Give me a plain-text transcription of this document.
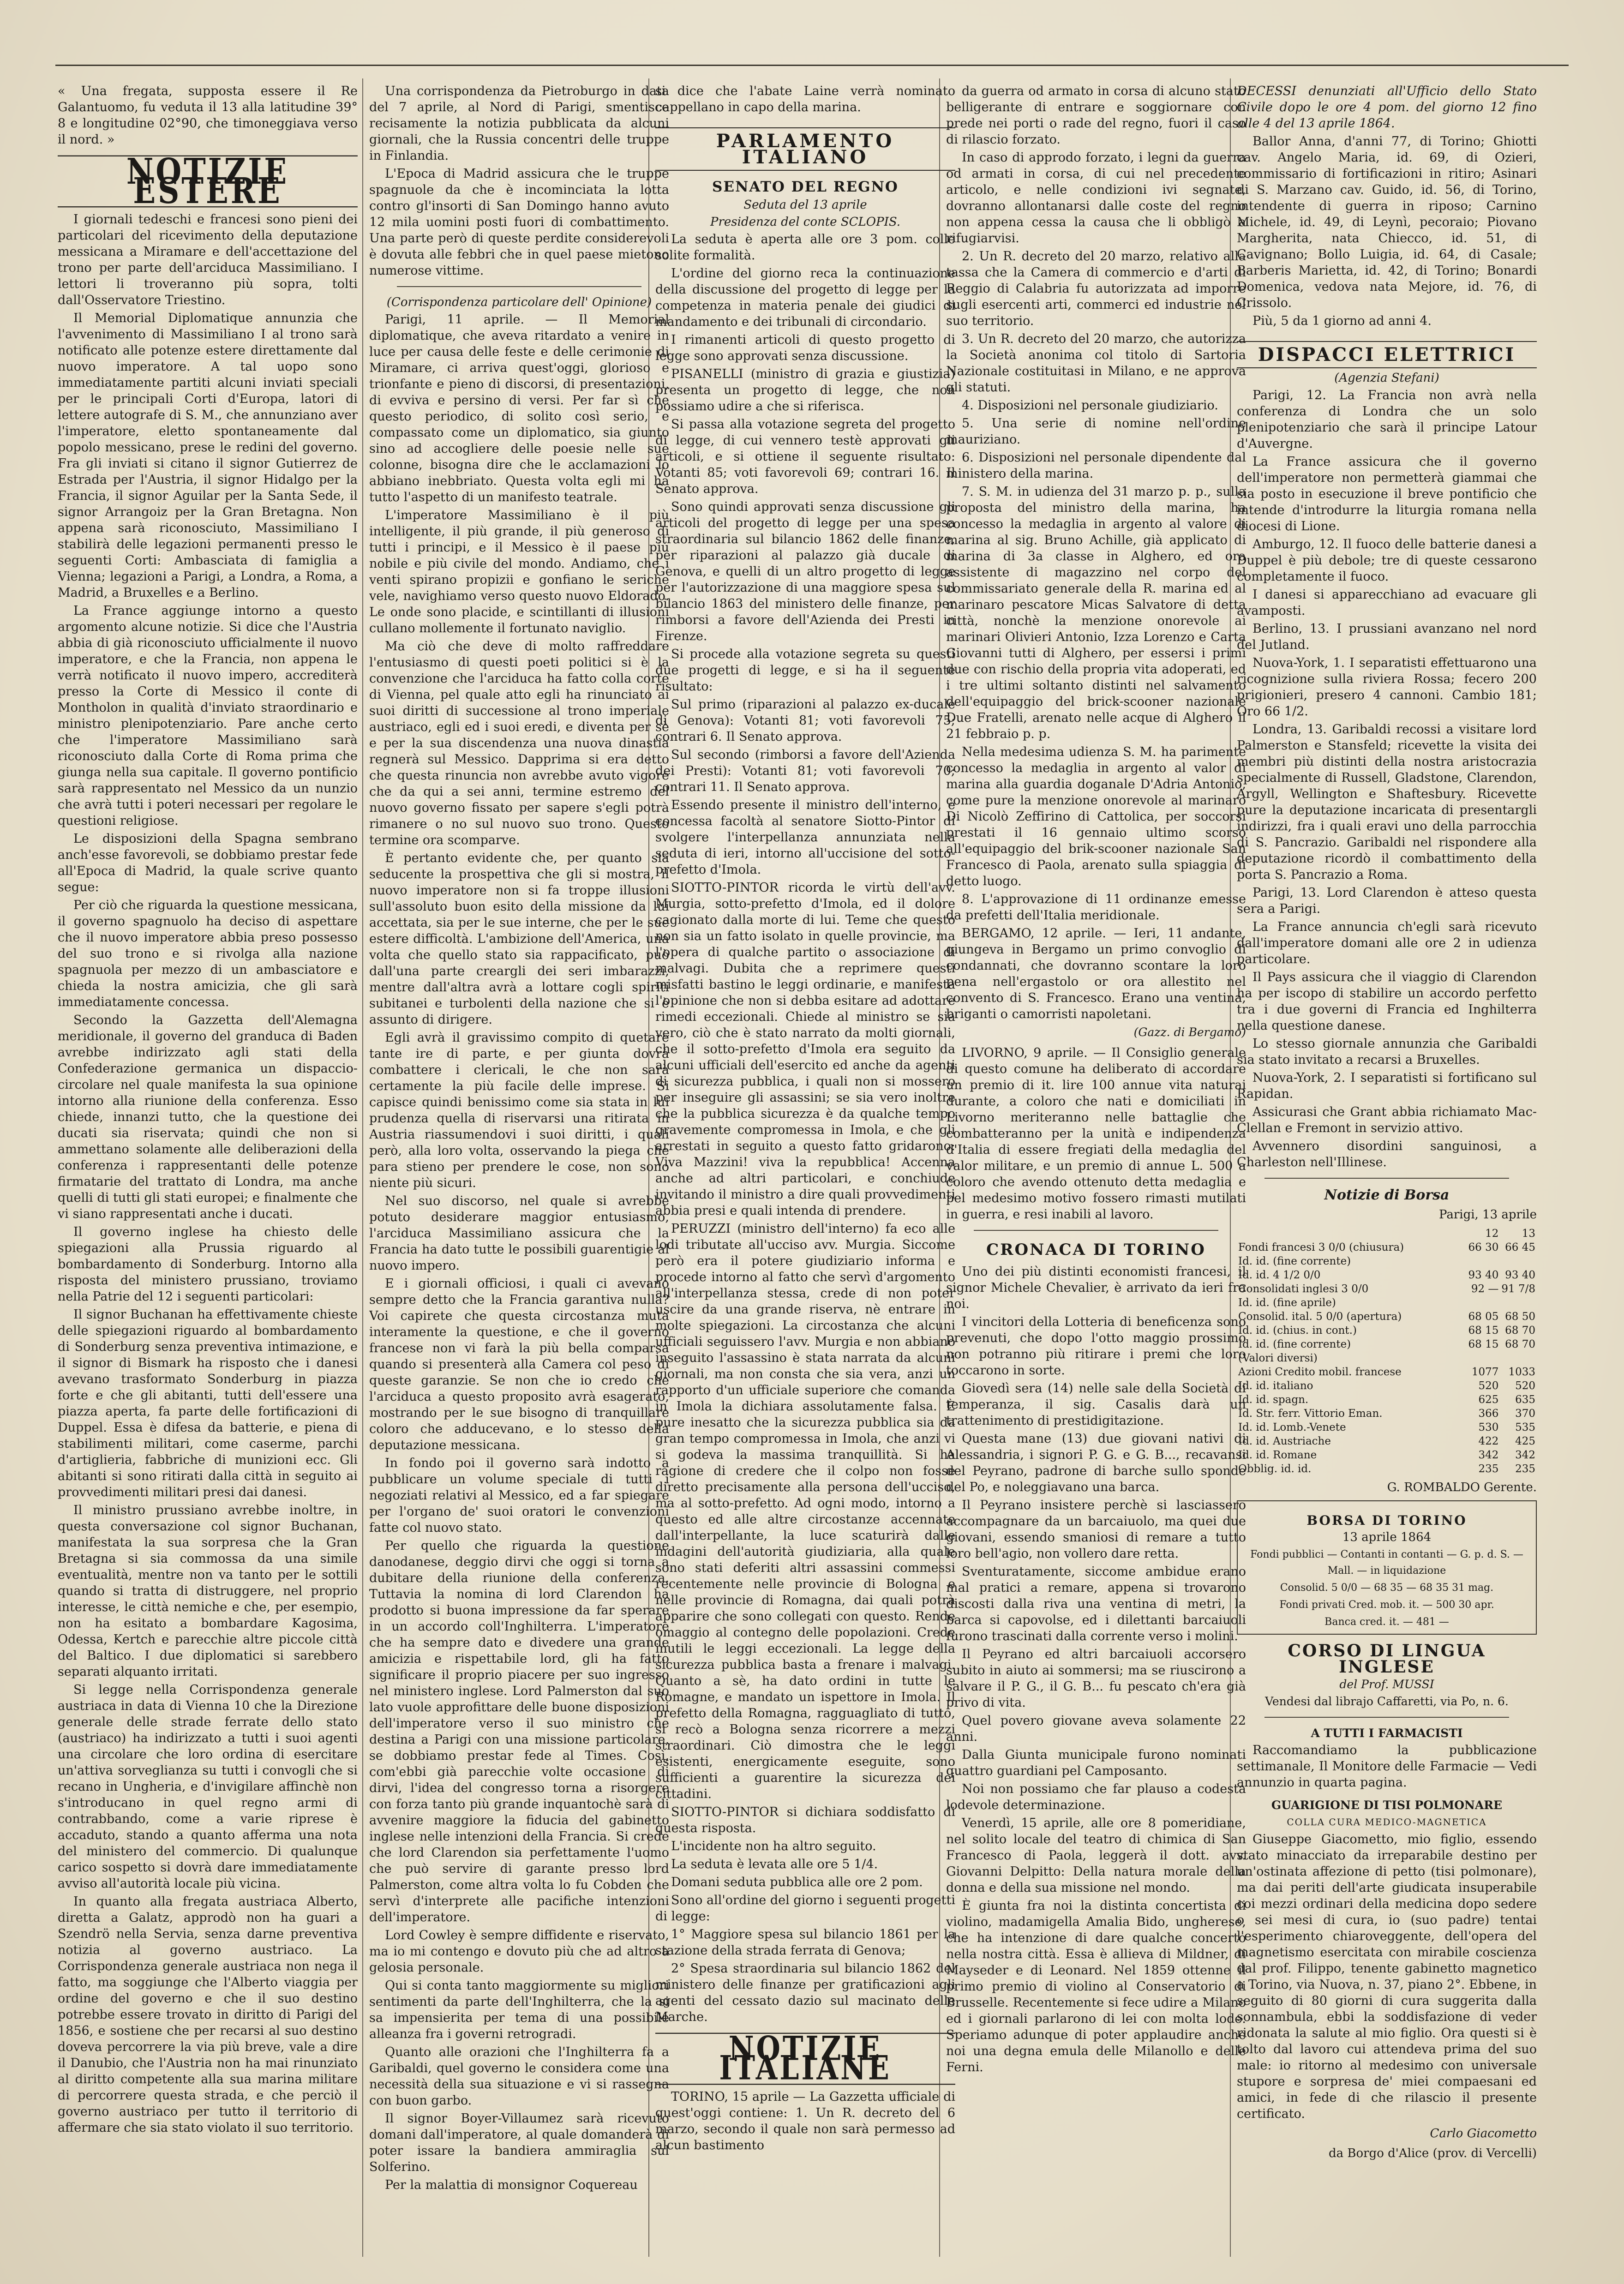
« Una fregata, supposta essere il Re Galantuomo, fu veduta il 13 alla latitudine 39° 8 e longitudine 02°90, che timoneggiava verso il nord. »

NOTIZIE ESTERE

I giornali tedeschi e francesi sono pieni dei particolari del ricevimento della deputazione messicana a Miramare e dell'accettazione del trono per parte dell'arciduca Massimiliano. I lettori li troveranno più sopra, tolti dall'Osservatore Triestino.

Il Memorial Diplomatique annunzia che l'avvenimento di Massimiliano I al trono sarà notificato alle potenze estere direttamente dal nuovo imperatore. A tal uopo sono immediatamente partiti alcuni inviati speciali per le principali Corti d'Europa, latori di lettere autografe di S. M., che annunziano aver l'imperatore, eletto spontaneamente dal popolo messicano, prese le redini del governo. Fra gli inviati si citano il signor Gutierrez de Estrada per l'Austria, il signor Hidalgo per la Francia, il signor Aguilar per la Santa Sede, il signor Arrangoiz per la Gran Bretagna. Non appena sarà riconosciuto, Massimiliano I stabilirà delle legazioni permanenti presso le seguenti Corti: Ambasciata di famiglia a Vienna; legazioni a Parigi, a Londra, a Roma, a Madrid, a Bruxelles e a Berlino.

La France aggiunge intorno a questo argomento alcune notizie. Si dice che l'Austria abbia di già riconosciuto ufficialmente il nuovo imperatore, e che la Francia, non appena le verrà notificato il nuovo impero, accrediterà presso la Corte di Messico il conte di Montholon in qualità d'inviato straordinario e ministro plenipotenziario. Pare anche certo che l'imperatore Massimiliano sarà riconosciuto dalla Corte di Roma prima che giunga nella sua capitale. Il governo pontificio sarà rappresentato nel Messico da un nunzio che avrà tutti i poteri necessari per regolare le questioni religiose.

Le disposizioni della Spagna sembrano anch'esse favorevoli, se dobbiamo prestar fede all'Epoca di Madrid, la quale scrive quanto segue:

Per ciò che riguarda la questione messicana, il governo spagnuolo ha deciso di aspettare che il nuovo imperatore abbia preso possesso del suo trono e si rivolga alla nazione spagnuola per mezzo di un ambasciatore e chieda la nostra amicizia, che gli sarà immediatamente concessa.

Secondo la Gazzetta dell'Alemagna meridionale, il governo del granduca di Baden avrebbe indirizzato agli stati della Confederazione germanica un dispaccio-circolare nel quale manifesta la sua opinione intorno alla riunione della conferenza. Esso chiede, innanzi tutto, che la questione dei ducati sia riservata; quindi che non si ammettano solamente alle deliberazioni della conferenza i rappresentanti delle potenze firmatarie del trattato di Londra, ma anche quelli di tutti gli stati europei; e finalmente che vi siano rappresentati anche i ducati.

Il governo inglese ha chiesto delle spiegazioni alla Prussia riguardo al bombardamento di Sonderburg. Intorno alla risposta del ministero prussiano, troviamo nella Patrie del 12 i seguenti particolari:

Il signor Buchanan ha effettivamente chieste delle spiegazioni riguardo al bombardamento di Sonderburg senza preventiva intimazione, e il signor di Bismark ha risposto che i danesi avevano trasformato Sonderburg in piazza forte e che gli abitanti, tutti dell'essere una piazza aperta, fa parte delle fortificazioni di Duppel. Essa è difesa da batterie, e piena di stabilimenti militari, come caserme, parchi d'artiglieria, fabbriche di munizioni ecc. Gli abitanti si sono ritirati dalla città in seguito ai provvedimenti militari presi dai danesi.

Il ministro prussiano avrebbe inoltre, in questa conversazione col signor Buchanan, manifestata la sua sorpresa che la Gran Bretagna si sia commossa da una simile eventualità, mentre non va tanto per le sottili quando si tratta di distruggere, nel proprio interesse, le città nemiche e che, per esempio, non ha esitato a bombardare Kagosima, Odessa, Kertch e parecchie altre piccole città del Baltico. I due diplomatici si sarebbero separati alquanto irritati.

Si legge nella Corrispondenza generale austriaca in data di Vienna 10 che la Direzione generale delle strade ferrate dello stato (austriaco) ha indirizzato a tutti i suoi agenti una circolare che loro ordina di esercitare un'attiva sorveglianza su tutti i convogli che si recano in Ungheria, e d'invigilare affinchè non s'introducano in quel regno armi di contrabbando, come a varie riprese è accaduto, stando a quanto afferma una nota del ministero del commercio. Di qualunque carico sospetto si dovrà dare immediatamente avviso all'autorità locale più vicina.

In quanto alla fregata austriaca Alberto, diretta a Galatz, approdò non ha guari a Szendrö nella Servia, senza darne preventiva notizia al governo austriaco. La Corrispondenza generale austriaca non nega il fatto, ma soggiunge che l'Alberto viaggia per ordine del governo e che il suo destino potrebbe essere trovato in diritto di Parigi del 1856, e sostiene che per recarsi al suo destino doveva percorrere la via più breve, vale a dire il Danubio, che l'Austria non ha mai rinunziato al diritto competente alla sua marina militare di percorrere questa strada, e che perciò il governo austriaco per tutto il territorio di affermare che sia stato violato il suo territorio.

Una corrispondenza da Pietroburgo in data del 7 aprile, al Nord di Parigi, smentisce recisamente la notizia pubblicata da alcuni giornali, che la Russia concentri delle truppe in Finlandia.

L'Epoca di Madrid assicura che le truppe spagnuole da che è incominciata la lotta contro gl'insorti di San Domingo hanno avuto 12 mila uomini posti fuori di combattimento. Una parte però di queste perdite considerevoli è dovuta alle febbri che in quel paese mietono numerose vittime.

(Corrispondenza particolare dell' Opinione)

Parigi, 11 aprile. — Il Memorial diplomatique, che aveva ritardato a venire in luce per causa delle feste e delle cerimonie di Miramare, ci arriva quest'oggi, glorioso e trionfante e pieno di discorsi, di presentazioni, di evviva e persino di versi. Per far sì che questo periodico, di solito così serio, e compassato come un diplomatico, sia giunto sino ad accogliere delle poesie nelle sue colonne, bisogna dire che le acclamazioni lo abbiano inebbriato. Questa volta egli mi ha tutto l'aspetto di un manifesto teatrale.

L'imperatore Massimiliano è il più intelligente, il più grande, il più generoso di tutti i principi, e il Messico è il paese più nobile e più civile del mondo. Andiamo, che i venti spirano propizii e gonfiano le seriche vele, navighiamo verso questo nuovo Eldorado. Le onde sono placide, e scintillanti di illusioni cullano mollemente il fortunato naviglio.

Ma ciò che deve di molto raffreddare l'entusiasmo di questi poeti politici si è la convenzione che l'arciduca ha fatto colla corte di Vienna, pel quale atto egli ha rinunciato ai suoi diritti di successione al trono imperiale austriaco, egli ed i suoi eredi, e diventa per sè e per la sua discendenza una nuova dinastia regnerà sul Messico. Dapprima si era detto che questa rinuncia non avrebbe avuto vigore che da qui a sei anni, termine estremo del nuovo governo fissato per sapere s'egli potrà rimanere o no sul nuovo suo trono. Questo termine ora scomparve.

È pertanto evidente che, per quanto sia seducente la prospettiva che gli si mostra, il nuovo imperatore non si fa troppe illusioni sull'assoluto buon esito della missione da lui accettata, sia per le sue interne, che per le sue estere difficoltà. L'ambizione dell'America, una volta che quello stato sia rappacificato, può dall'una parte creargli dei seri imbarazzi, mentre dall'altra avrà a lottare cogli spiriti subitanei e turbolenti della nazione che si è assunto di dirigere.

Egli avrà il gravissimo compito di quetare tante ire di parte, e per giunta dovrà combattere i clericali, le che non sarà certamente la più facile delle imprese. Si capisce quindi benissimo come sia stata in lui prudenza quella di riservarsi una ritirata in Austria riassumendovi i suoi diritti, i quali però, alla loro volta, osservando la piega che para stieno per prendere le cose, non sono niente più sicuri.

Nel suo discorso, nel quale si avrebbe potuto desiderare maggior entusiasmo, l'arciduca Massimiliano assicura che la Francia ha dato tutte le possibili guarentigie al nuovo impero.

E i giornali officiosi, i quali ci avevano sempre detto che la Francia garantiva nulla? Voi capirete che questa circostanza muta interamente la questione, e che il governo francese non vi farà la più bella comparsa quando si presenterà alla Camera col peso di queste garanzie. Se non che io credo che l'arciduca a questo proposito avrà esagerato, mostrando per le sue bisogno di tranquillare coloro che adducevano, e lo stesso della deputazione messicana.

In fondo poi il governo sarà indotto a pubblicare un volume speciale di tutti i negoziati relativi al Messico, ed a far spiegare per l'organo de' suoi oratori le convenzioni fatte col nuovo stato.

Per quello che riguarda la questione danodanese, deggio dirvi che oggi si torna a dubitare della riunione della conferenza. Tuttavia la nomina di lord Clarendon ha prodotto si buona impressione da far sperare in un accordo coll'Inghilterra. L'imperatore che ha sempre dato e divedere una grande amicizia e rispettabile lord, gli ha fatto significare il proprio piacere per suo ingresso nel ministero inglese. Lord Palmerston dal suo lato vuole approfittare delle buone disposizioni dell'imperatore verso il suo ministro che destina a Parigi con una missione particolare, se dobbiamo prestar fede al Times. Così, com'ebbi già parecchie volte occasione di dirvi, l'idea del congresso torna a risorgere con forza tanto più grande inquantochè sarà di avvenire maggiore la fiducia del gabinetto inglese nelle intenzioni della Francia. Si crede che lord Clarendon sia perfettamente l'uomo che può servire di garante presso lord Palmerston, come altra volta lo fu Cobden che servì d'interprete alle pacifiche intenzioni dell'imperatore.

Lord Cowley è sempre diffidente e riservato, ma io mi contengo e dovuto più che ad altro a gelosia personale.

Qui si conta tanto maggiormente su migliori sentimenti da parte dell'Inghilterra, che la si sa impensierita per tema di una possibile alleanza fra i governi retrogradi.

Quanto alle orazioni che l'Inghilterra fa a Garibaldi, quel governo le considera come una necessità della sua situazione e vi si rassegna con buon garbo.

Il signor Boyer-Villaumez sarà ricevuto domani dall'imperatore, al quale domanderà di poter issare la bandiera ammiraglia sul Solferino.

Per la malattia di monsignor Coquereau

si dice che l'abate Laine verrà nominato cappellano in capo della marina.

PARLAMENTO ITALIANO
SENATO DEL REGNO
Seduta del 13 aprile
Presidenza del conte SCLOPIS.

La seduta è aperta alle ore 3 pom. colle solite formalità.

L'ordine del giorno reca la continuazione della discussione del progetto di legge per la competenza in materia penale dei giudici di mandamento e dei tribunali di circondario.

I rimanenti articoli di questo progetto di legge sono approvati senza discussione.

PISANELLI (ministro di grazia e giustizia) presenta un progetto di legge, che non possiamo udire a che si riferisca.

Si passa alla votazione segreta del progetto di legge, di cui vennero testè approvati gli articoli, e si ottiene il seguente risultato: Votanti 85; voti favorevoli 69; contrari 16. Il Senato approva.

Sono quindi approvati senza discussione gli articoli del progetto di legge per una spesa straordinaria sul bilancio 1862 delle finanze, per riparazioni al palazzo già ducale di Genova, e quelli di un altro progetto di legge per l'autorizzazione di una maggiore spesa sul bilancio 1863 del ministero delle finanze, per rimborsi a favore dell'Azienda dei Presti in Firenze.

Si procede alla votazione segreta su questi due progetti di legge, e si ha il seguente risultato:

Sul primo (riparazioni al palazzo ex-ducale di Genova): Votanti 81; voti favorevoli 75; contrari 6. Il Senato approva.

Sul secondo (rimborsi a favore dell'Azienda dei Presti): Votanti 81; voti favorevoli 70; contrari 11. Il Senato approva.

Essendo presente il ministro dell'interno, è concessa facoltà al senatore Siotto-Pintor di svolgere l'interpellanza annunziata nella seduta di ieri, intorno all'uccisione del sotto-prefetto d'Imola.

SIOTTO-PINTOR ricorda le virtù dell'avv. Murgia, sotto-prefetto d'Imola, ed il dolore cagionato dalla morte di lui. Teme che questo non sia un fatto isolato in quelle provincie, ma l'opera di qualche partito o associazione di malvagi. Dubita che a reprimere questi misfatti bastino le leggi ordinarie, e manifesta l'opinione che non si debba esitare ad adottare rimedi eccezionali. Chiede al ministro se sia vero, ciò che è stato narrato da molti giornali, che il sotto-prefetto d'Imola era seguito da alcuni ufficiali dell'esercito ed anche da agenti di sicurezza pubblica, i quali non si mossero per inseguire gli assassini; se sia vero inoltre che la pubblica sicurezza è da qualche tempo gravemente compromessa in Imola, e che gli arrestati in seguito a questo fatto gridarono: Viva Mazzini! viva la repubblica! Accenna anche ad altri particolari, e conchiude invitando il ministro a dire quali provvedimenti abbia presi e quali intenda di prendere.

PERUZZI (ministro dell'interno) fa eco alle lodi tributate all'ucciso avv. Murgia. Siccome però era il potere giudiziario informa e procede intorno al fatto che servì d'argomento all'interpellanza stessa, crede di non poter uscire da una grande riserva, nè entrare in molte spiegazioni. La circostanza che alcuni ufficiali seguissero l'avv. Murgia e non abbiano inseguito l'assassino è stata narrata da alcuni giornali, ma non consta che sia vera, anzi un rapporto d'un ufficiale superiore che comanda in Imola la dichiara assolutamente falsa. È pure inesatto che la sicurezza pubblica sia da gran tempo compromessa in Imola, che anzi vi si godeva la massima tranquillità. Si ha ragione di credere che il colpo non fosse diretto precisamente alla persona dell'ucciso, ma al sotto-prefetto. Ad ogni modo, intorno a questo ed alle altre circostanze accennate dall'interpellante, la luce scaturirà dalle indagini dell'autorità giudiziaria, alla quale sono stati deferiti altri assassini commessi recentemente nelle provincie di Bologna e nelle provincie di Romagna, dai quali potrà apparire che sono collegati con questo. Rende omaggio al contegno delle popolazioni. Crede inutili le leggi eccezionali. La legge della sicurezza pubblica basta a frenare i malvagi. Quanto a sè, ha dato ordini in tutte le Romagne, e mandato un ispettore in Imola. Il prefetto della Romagna, ragguagliato di tutto, si recò a Bologna senza ricorrere a mezzi straordinari. Ciò dimostra che le leggi esistenti, energicamente eseguite, sono sufficienti a guarentire la sicurezza dei cittadini.

SIOTTO-PINTOR si dichiara soddisfatto di questa risposta.

L'incidente non ha altro seguito.

La seduta è levata alle ore 5 1/4.

Domani seduta pubblica alle ore 2 pom.

Sono all'ordine del giorno i seguenti progetti di legge:

1° Maggiore spesa sul bilancio 1861 per la stazione della strada ferrata di Genova;

2° Spesa straordinaria sul bilancio 1862 del ministero delle finanze per gratificazioni agli agenti del cessato dazio sul macinato delle Marche.

NOTIZIE ITALIANE

TORINO, 15 aprile — La Gazzetta ufficiale di quest'oggi contiene: 1. Un R. decreto del 6 marzo, secondo il quale non sarà permesso ad alcun bastimento

da guerra od armato in corsa di alcuno stato belligerante di entrare e soggiornare con prede nei porti o rade del regno, fuori il caso di rilascio forzato.

In caso di approdo forzato, i legni da guerra od armati in corsa, di cui nel precedente articolo, e nelle condizioni ivi segnate, dovranno allontanarsi dalle coste del regno non appena cessa la causa che li obbligò a rifugiarvisi.

2. Un R. decreto del 20 marzo, relativo alla tassa che la Camera di commercio e d'arti di Reggio di Calabria fu autorizzata ad imporre sugli esercenti arti, commerci ed industrie nel suo territorio.

3. Un R. decreto del 20 marzo, che autorizza la Società anonima col titolo di Sartoria Nazionale costituitasi in Milano, e ne approva gli statuti.

4. Disposizioni nel personale giudiziario.

5. Una serie di nomine nell'ordine mauriziano.

6. Disposizioni nel personale dipendente dal ministero della marina.

7. S. M. in udienza del 31 marzo p. p., sulla proposta del ministro della marina, ha concesso la medaglia in argento al valore di marina al sig. Bruno Achille, già applicato di marina di 3a classe in Alghero, ed ora assistente di magazzino nel corpo del commissariato generale della R. marina ed al marinaro pescatore Micas Salvatore di detta città, nonchè la menzione onorevole ai marinari Olivieri Antonio, Izza Lorenzo e Carta Giovanni tutti di Alghero, per essersi i primi due con rischio della propria vita adoperati, ed i tre ultimi soltanto distinti nel salvamento dell'equipaggio del brick-scooner nazionale Due Fratelli, arenato nelle acque di Alghero il 21 febbraio p. p.

Nella medesima udienza S. M. ha parimente concesso la medaglia in argento al valor di marina alla guardia doganale D'Adria Antonio, come pure la menzione onorevole al marinaro Di Nicolò Zeffirino di Cattolica, per soccorsi prestati il 16 gennaio ultimo scorso all'equipaggio del brik-scooner nazionale San Francesco di Paola, arenato sulla spiaggia di detto luogo.

8. L'approvazione di 11 ordinanze emesse da prefetti dell'Italia meridionale.

BERGAMO, 12 aprile. — Ieri, 11 andante, giungeva in Bergamo un primo convoglio di condannati, che dovranno scontare la loro pena nell'ergastolo or ora allestito nel convento di S. Francesco. Erano una ventina, briganti o camorristi napoletani.

(Gazz. di Bergamo)

LIVORNO, 9 aprile. — Il Consiglio generale di questo comune ha deliberato di accordare un premio di it. lire 100 annue vita naturai durante, a coloro che nati e domiciliati in Livorno meriteranno nelle battaglie che combatteranno per la unità e indipendenza d'Italia di essere fregiati della medaglia del valor militare, e un premio di annue L. 500 a coloro che avendo ottenuto detta medaglia e pel medesimo motivo fossero rimasti mutilati in guerra, e resi inabili al lavoro.

CRONACA DI TORINO

Uno dei più distinti economisti francesi, il signor Michele Chevalier, è arrivato da ieri fra noi.

I vincitori della Lotteria di beneficenza sono prevenuti, che dopo l'otto maggio prossimo non potranno più ritirare i premi che loro toccarono in sorte.

Giovedì sera (14) nelle sale della Società di temperanza, il sig. Casalis darà un trattenimento di prestidigitazione.

Questa mane (13) due giovani nativi di Alessandria, i signori P. G. e G. B..., recavansi del Peyrano, padrone di barche sullo sponde del Po, e noleggiavano una barca.

Il Peyrano insistere perchè si lasciassero accompagnare da un barcaiuolo, ma quei due giovani, essendo smaniosi di remare a tutto loro bell'agio, non vollero dare retta.

Sventuratamente, siccome ambidue erano mal pratici a remare, appena si trovarono discosti dalla riva una ventina di metri, la barca si capovolse, ed i dilettanti barcaiuoli furono trascinati dalla corrente verso i molini.

Il Peyrano ed altri barcaiuoli accorsero subito in aiuto ai sommersi; ma se riuscirono a salvare il P. G., il G. B... fu pescato ch'era già privo di vita.

Quel povero giovane aveva solamente 22 anni.

Dalla Giunta municipale furono nominati quattro guardiani pel Camposanto.

Noi non possiamo che far plauso a codesta lodevole determinazione.

Venerdì, 15 aprile, alle ore 8 pomeridiane, nel solito locale del teatro di chimica di San Francesco di Paola, leggerà il dott. avv. Giovanni Delpitto: Della natura morale della donna e della sua missione nel mondo.

È giunta fra noi la distinta concertista di violino, madamigella Amalia Bido, ungherese, che ha intenzione di dare qualche concerto nella nostra città. Essa è allieva di Mildner, di Mayseder e di Leonard. Nel 1859 ottenne il primo premio di violino al Conservatorio di Brusselle. Recentemente si fece udire a Milano ed i giornali parlarono di lei con molta lode. Speriamo adunque di poter applaudire anche noi una degna emula delle Milanollo e delle Ferni.

DECESSI denunziati all'Ufficio dello Stato Civile dopo le ore 4 pom. del giorno 12 fino alle 4 del 13 aprile 1864.

Ballor Anna, d'anni 77, di Torino; Ghiotti cav. Angelo Maria, id. 69, di Ozieri, commissario di fortificazioni in ritiro; Asinari di S. Marzano cav. Guido, id. 56, di Torino, intendente di guerra in riposo; Carnino Michele, id. 49, di Leynì, pecoraio; Piovano Margherita, nata Chiecco, id. 51, di Cavignano; Bollo Luigia, id. 64, di Casale; Barberis Marietta, id. 42, di Torino; Bonardi Domenica, vedova nata Mejore, id. 76, di Crissolo.

Più, 5 da 1 giorno ad anni 4.

DISPACCI ELETTRICI
(Agenzia Stefani)

Parigi, 12. La Francia non avrà nella conferenza di Londra che un solo plenipotenziario che sarà il principe Latour d'Auvergne.

La France assicura che il governo dell'imperatore non permetterà giammai che sia posto in esecuzione il breve pontificio che intende d'introdurre la liturgia romana nella diocesi di Lione.

Amburgo, 12. Il fuoco delle batterie danesi a Duppel è più debole; tre di queste cessarono completamente il fuoco.

I danesi si apparecchiano ad evacuare gli avamposti.

Berlino, 13. I prussiani avanzano nel nord del Jutland.

Nuova-York, 1. I separatisti effettuarono una ricognizione sulla riviera Rossa; fecero 200 prigionieri, presero 4 cannoni. Cambio 181; Oro 66 1/2.

Londra, 13. Garibaldi recossi a visitare lord Palmerston e Stansfeld; ricevette la visita dei membri più distinti della nostra aristocrazia specialmente di Russell, Gladstone, Clarendon, Argyll, Wellington e Shaftesbury. Ricevette pure la deputazione incaricata di presentargli indirizzi, fra i quali eravi uno della parrocchia di S. Pancrazio. Garibaldi nel rispondere alla deputazione ricordò il combattimento della porta S. Pancrazio a Roma.

Parigi, 13. Lord Clarendon è atteso questa sera a Parigi.

La France annuncia ch'egli sarà ricevuto dall'imperatore domani alle ore 2 in udienza particolare.

Il Pays assicura che il viaggio di Clarendon ha per iscopo di stabilire un accordo perfetto tra i due governi di Francia ed Inghilterra nella questione danese.

Lo stesso giornale annunzia che Garibaldi sia stato invitato a recarsi a Bruxelles.

Nuova-York, 2. I separatisti si fortificano sul Rapidan.

Assicurasi che Grant abbia richiamato Mac-Clellan e Fremont in servizio attivo.

Avvennero disordini sanguinosi, a Charleston nell'Illinese.

Notizie di Borsa
Parigi, 13 aprile
	12	13
Fondi francesi 3 0/0 (chiusura)	66 30	66 45
Id. id. (fine corrente)		
Id. id. 4 1/2 0/0	93 40	93 40
Consolidati inglesi 3 0/0	92 —	91 7/8
Id. id. (fine aprile)		
Consolid. ital. 5 0/0 (apertura)	68 05	68 50
Id. id. (chius. in cont.)	68 15	68 70
Id. id. (fine corrente)	68 15	68 70
(Valori diversi)		
Azioni Credito mobil. francese	1077	1033
Id. id. italiano	520	520
Id. id. spagn.	625	635
Id. Str. ferr. Vittorio Eman.	366	370
Id. id. Lomb.-Venete	530	535
Id. id. Austriache	422	425
Id. id. Romane	342	342
Obblig. id. id.	235	235
G. ROMBALDO Gerente.
BORSA DI TORINO
13 aprile 1864
Fondi pubblici — Contanti in contanti — G. p. d. S. — Mall. — in liquidazione
Consolid. 5 0/0 — 68 35 — 68 35 31 mag.
Fondi privati Cred. mob. it. — 500 30 apr.
Banca cred. it. — 481 —
CORSO DI LINGUA INGLESE
del Prof. MUSSI
Vendesi dal librajo Caffaretti, via Po, n. 6.
A TUTTI I FARMACISTI

Raccomandiamo la pubblicazione settimanale, Il Monitore delle Farmacie — Vedi annunzio in quarta pagina.

GUARIGIONE DI TISI POLMONARE
COLLA CURA MEDICO-MAGNETICA

Giuseppe Giacometto, mio figlio, essendo stato minacciato da irreparabile destino per un'ostinata affezione di petto (tisi polmonare), ma dai periti dell'arte giudicata insuperabile coi mezzi ordinari della medicina dopo sedere o sei mesi di cura, io (suo padre) tentai l'esperimento chiaroveggente, dell'opera del magnetismo esercitata con mirabile coscienza dal prof. Filippo, tenente gabinetto magnetico a Torino, via Nuova, n. 37, piano 2°. Ebbene, in seguito di 80 giorni di cura suggerita dalla sonnambula, ebbi la soddisfazione di veder ridonata la salute al mio figlio. Ora questi si è tolto dal lavoro cui attendeva prima del suo male: io ritorno al medesimo con universale stupore e sorpresa de' miei compaesani ed amici, in fede di che rilascio il presente certificato.

Carlo Giacometto
da Borgo d'Alice (prov. di Vercelli)
